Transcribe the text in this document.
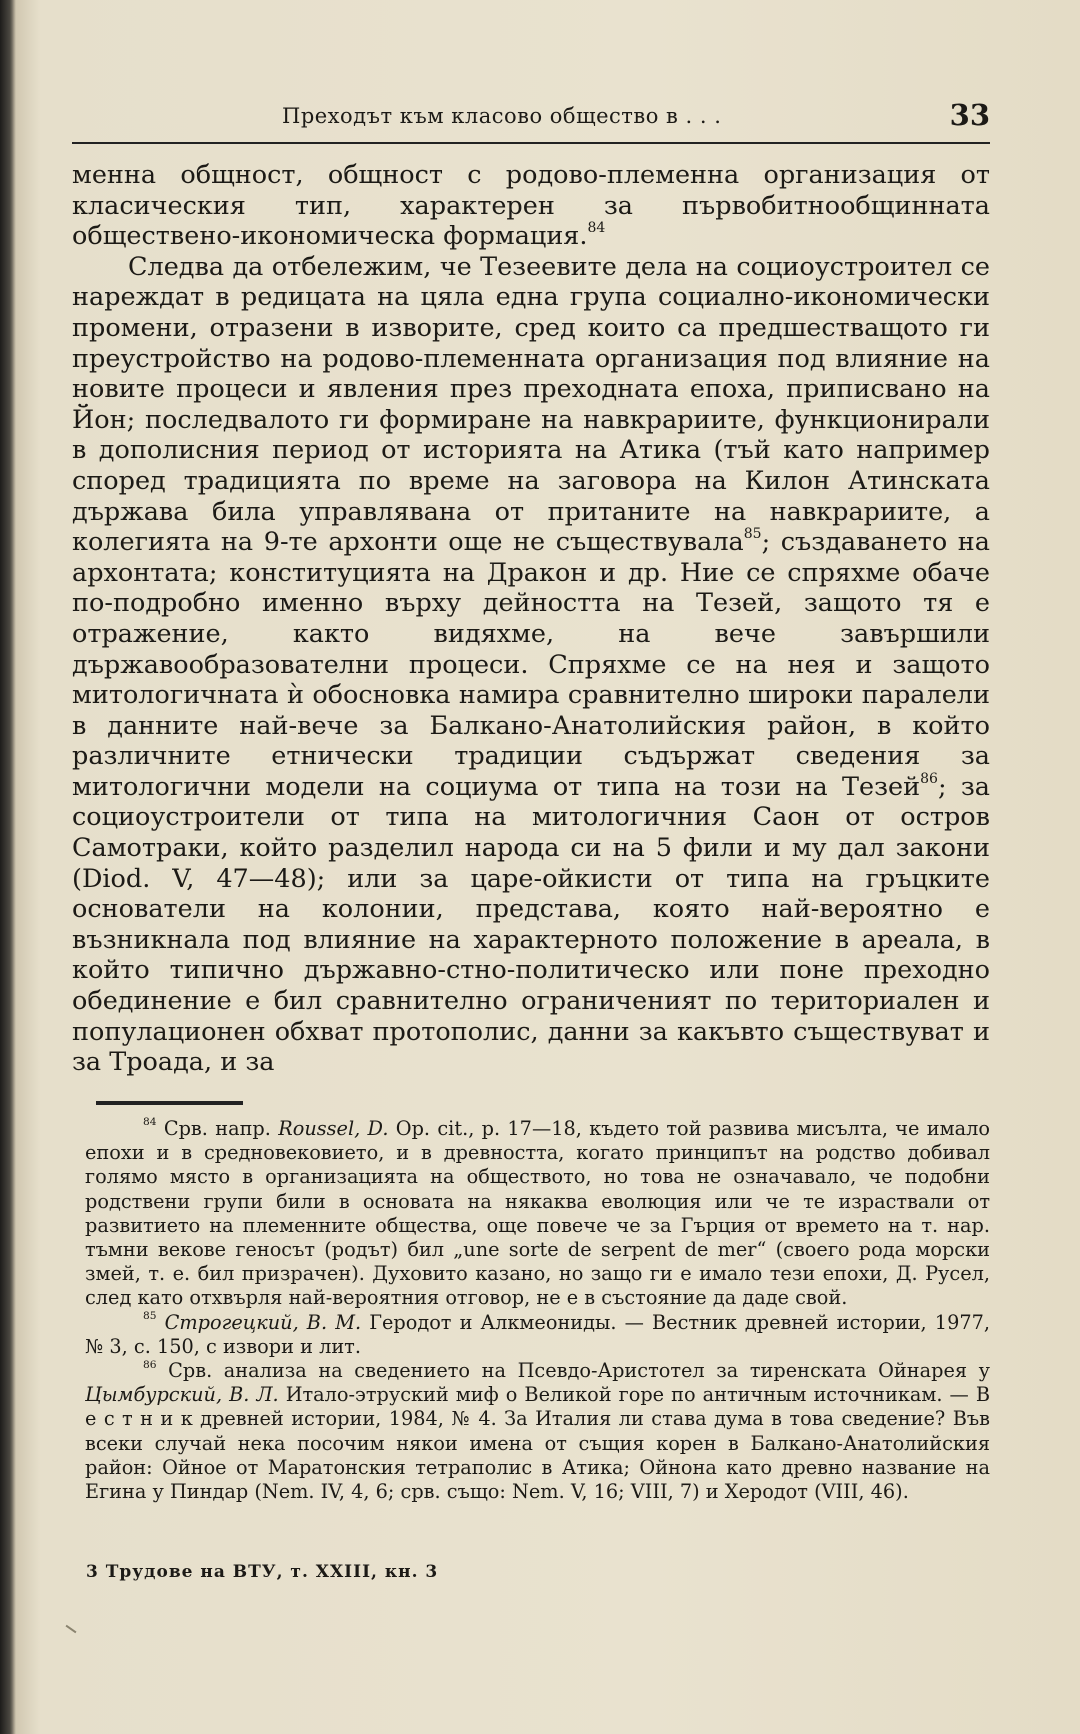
Преходът към класово общество в . . .	33

менна общност, общност с родово-племенна организация от класическия тип, характерен за първобитнообщинната обществено-икономическа формация.$^{84}$

Следва да отбележим, че Тезеевите дела на социоустроител се нареждат в редицата на цяла една група социално-икономически промени, отразени в изворите, сред които са предшестващото ги преустройство на родово-племенната организация под влияние на новите процеси и явления през преходната епоха, приписвано на Йон; последвалото ги формиране на навкрариите, функционирали в дополисния период от историята на Атика (тъй като например според традицията по време на заговора на Килон Атинската държава била управлявана от пританите на навкрариите, а колегията на 9-те архонти още не съществувала$^{85}$; създаването на архонтата; конституцията на Дракон и др. Ние се спряхме обаче по-подробно именно върху дейността на Тезей, защото тя е отражение, както видяхме, на вече завършили държавообразователни процеси. Спряхме се на нея и защото митологичната ѝ обосновка намира сравнително широки паралели в данните най-вече за Балкано-Анатолийския район, в който различните етнически традиции съдържат сведения за митологични модели на социума от типа на този на Тезей$^{86}$; за социоустроители от типа на митологичния Саон от остров Самотраки, който разделил народа си на 5 фили и му дал закони (Diod. V, 47—48); или за царе-ойкисти от типа на гръцките основатели на колонии, представа, която най-вероятно е възникнала под влияние на характерното положение в ареала, в който типично държавно-стно-политическо или поне преходно обединение е бил сравнително ограниченият по териториален и популационен обхват протополис, данни за какъвто съществуват и за Троада, и за

$^{84}$ Срв. напр. Roussel, D. Op. cit., p. 17—18, където той развива мисълта, че имало епохи и в средновековието, и в древността, когато принципът на родство добивал голямо място в организацията на обществото, но това не означавало, че подобни родствени групи били в основата на някаква еволюция или че те израствали от развитието на племенните общества, още повече че за Гърция от времето на т. нар. тъмни векове геносът (родът) бил „une sorte de serpent de mer“ (своего рода морски змей, т. е. бил призрачен). Духовито казано, но защо ги е имало тези епохи, Д. Русел, след като отхвърля най-вероятния отговор, не е в състояние да даде свой.

$^{85}$ Строгецкий, В. М. Геродот и Алкмеониды. — Вестник древней истории, 1977, № 3, с. 150, с извори и лит.

$^{86}$ Срв. анализа на сведението на Псевдо-Аристотел за тиренската Ойнарея у Цымбурский, В. Л. Итало-этруский миф о Великой горе по античным источникам. — В е с т н и к древней истории, 1984, № 4. За Италия ли става дума в това сведение? Във всеки случай нека посочим някои имена от същия корен в Балкано-Анатолийския район: Ойное от Маратонския тетраполис в Атика; Ойнона като древно название на Егина у Пиндар (Nem. IV, 4, 6; срв. също: Nem. V, 16; VIII, 7) и Херодот (VIII, 46).

3 Трудове на ВТУ, т. XXIII, кн. 3
